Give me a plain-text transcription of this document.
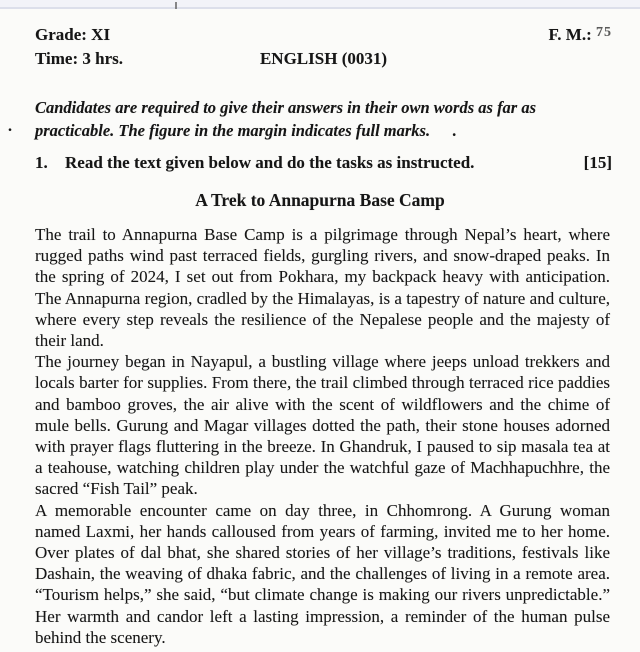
Grade: XI	F. M.: 75
Time: 3 hrs.	ENGLISH (0031)
.
Candidates are required to give their answers in their own words as far as
practicable. The figure in the margin indicates full marks. .
1.	Read the text given below and do the tasks as instructed.	[15]
A Trek to Annapurna Base Camp

The trail to Annapurna Base Camp is a pilgrimage through Nepal’s heart, where rugged paths wind past terraced fields, gurgling rivers, and snow-draped peaks. In the spring of 2024, I set out from Pokhara, my backpack heavy with anticipation. The Annapurna region, cradled by the Himalayas, is a tapestry of nature and culture, where every step reveals the resilience of the Nepalese people and the majesty of their land.

The journey began in Nayapul, a bustling village where jeeps unload trekkers and locals barter for supplies. From there, the trail climbed through terraced rice paddies and bamboo groves, the air alive with the scent of wildflowers and the chime of mule bells. Gurung and Magar villages dotted the path, their stone houses adorned with prayer flags fluttering in the breeze. In Ghandruk, I paused to sip masala tea at a teahouse, watching children play under the watchful gaze of Machhapuchhre, the sacred “Fish Tail” peak.

A memorable encounter came on day three, in Chhomrong. A Gurung woman named Laxmi, her hands calloused from years of farming, invited me to her home. Over plates of dal bhat, she shared stories of her village’s traditions, festivals like Dashain, the weaving of dhaka fabric, and the challenges of living in a remote area. “Tourism helps,” she said, “but climate change is making our rivers unpredictable.” Her warmth and candor left a lasting impression, a reminder of the human pulse behind the scenery.
